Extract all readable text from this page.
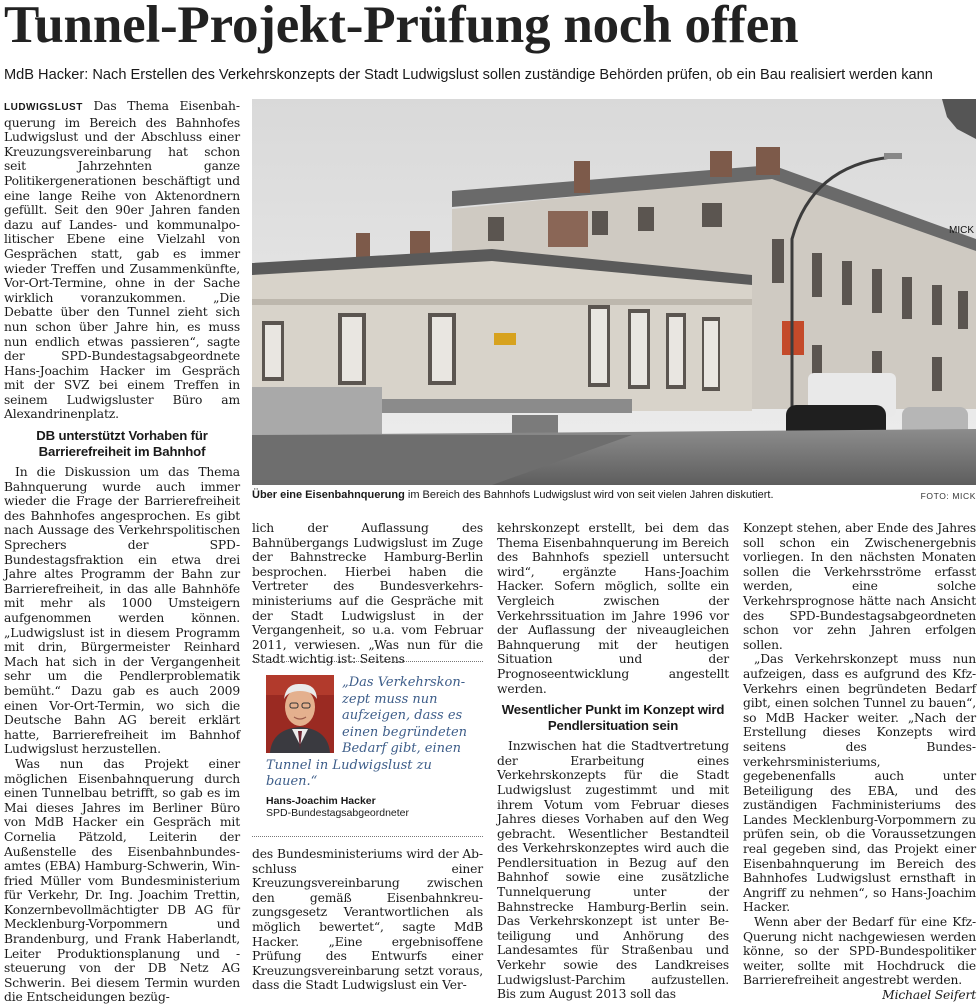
Tunnel-Projekt-Prüfung noch offen
MdB Hacker: Nach Erstellen des Verkehrskonzepts der Stadt Ludwigslust sollen zuständige Behörden prüfen, ob ein Bau realisiert werden kann

LUDWIGSLUST Das Thema Eisenbahquerung im Bereich des Bahnhofes Ludwigslust und der Abschluss einer Kreuzungsvereinbarung hat schon seit Jahrzehnten ganze Politikergenerationen beschäftigt und eine lange Reihe von Aktenordnern gefüllt. Seit den 90er Jahren fanden dazu auf Landes- und kommunalpolitischer Ebene eine Vielzahl von Gesprächen statt, gab es immer wieder Treffen und Zusammenkünfte, Vor-Ort-Termine, ohne in der Sache wirklich voranzukommen. „Die Debatte über den Tunnel zieht sich nun schon über Jahre hin, es muss nun endlich etwas passieren“, sagte der SPD-Bundestagsabgeordnete Hans-Joachim Hacker im Gespräch mit der SVZ bei einem Treffen in seinem Ludwigsluster Büro am Alexandrinenplatz.

DB unterstützt Vorhaben für Barrierefreiheit im Bahnhof

In die Diskussion um das Thema Bahnquerung wurde auch immer wieder die Frage der Barrierefreiheit des Bahnhofes angesprochen. Es gibt nach Aussage des Verkehrspolitischen Sprechers der SPD-Bundestagsfraktion ein etwa drei Jahre altes Programm der Bahn zur Barrierefreiheit, in das alle Bahnhöfe mit mehr als 1000 Umsteigern aufgenommen werden können. „Ludwigslust ist in diesem Programm mit drin, Bürgermeister Reinhard Mach hat sich in der Vergangenheit sehr um die Pendlerproblematik bemüht.“ Dazu gab es auch 2009 einen Vor-Ort-Termin, wo sich die Deutsche Bahn AG bereit erklärt hatte, Barrierefreiheit im Bahnhof Ludwigslust herzustellen.

Was nun das Projekt einer möglichen Eisenbahnquerung durch einen Tunnelbau betrifft, so gab es im Mai dieses Jahres im Berliner Büro von MdB Hacker ein Gespräch mit Cornelia Pätzold, Leiterin der Außenstelle des Eisenbahnbundesamtes (EBA) Hamburg-Schwerin, Winfried Müller vom Bundesministerium für Verkehr, Dr. Ing. Joachim Trettin, Konzernbevollmächtigter DB AG für Mecklenburg-Vorpommern und Brandenburg, und Frank Haberlandt, Leiter Produktionsplanung und -steuerung von der DB Netz AG Schwerin. Bei diesem Termin wurden die Entscheidungen bezüg-

MICK
Über eine Eisenbahnquerung im Bereich des Bahnhofs Ludwigslust wird von seit vielen Jahren diskutiert.	FOTO: MICK
lich der Auflassung des Bahnübergangs Ludwigslust im Zuge der Bahnstrecke Hamburg-Berlin besprochen. Hierbei haben die Vertreter des Bundesverkehrsministeriums auf die Gespräche mit der Stadt Ludwigslust in der Vergangenheit, so u.a. vom Februar 2011, verwiesen. „Was nun für die Stadt wichtig ist: Seitens
des Bundesministeriums wird der Abschluss einer Kreuzungsvereinbarung zwischen den gemäß Eisenbahnkreuzungsgesetz Verantwortlichen als möglich bewertet“, sagte MdB Hacker. „Eine ergebnisoffene Prüfung des Entwurfs einer Kreuzungsvereinbarung setzt voraus, dass die Stadt Ludwigslust ein Ver-
„Das Verkehrskonzept muss nun aufzeigen, dass es einen begründeten Bedarf gibt, einen Tunnel in Ludwigslust zu bauen.“
Hans-Joachim Hacker
SPD-Bundestagsabgeordneter

kehrskonzept erstellt, bei dem das Thema Eisenbahnquerung im Bereich des Bahnhofs speziell untersucht wird“, ergänzte Hans-Joachim Hacker. Sofern möglich, sollte ein Vergleich zwischen der Verkehrssituation im Jahre 1996 vor der Auflassung der niveaugleichen Bahnquerung mit der heutigen Situation und der Prognoseentwicklung angestellt werden.

Wesentlicher Punkt im Konzept wird Pendlersituation sein

Inzwischen hat die Stadtvertretung der Erarbeitung eines Verkehrskonzepts für die Stadt Ludwigslust zugestimmt und mit ihrem Votum vom Februar dieses Jahres dieses Vorhaben auf den Weg gebracht. Wesentlicher Bestandteil des Verkehrskonzeptes wird auch die Pendlersituation in Bezug auf den Bahnhof sowie eine zusätzliche Tunnelquerung unter der Bahnstrecke Hamburg-Berlin sein. Das Verkehrskonzept ist unter Beteiligung und Anhörung des Landesamtes für Straßenbau und Verkehr sowie des Landkreises Ludwigslust-Parchim aufzustellen. Bis zum August 2013 soll das

Konzept stehen, aber Ende des Jahres soll schon ein Zwischenergebnis vorliegen. In den nächsten Monaten sollen die Verkehrsströme erfasst werden, eine solche Verkehrsprognose hätte nach Ansicht des SPD-Bundestagsabgeordneten schon vor zehn Jahren erfolgen sollen.

„Das Verkehrskonzept muss nun aufzeigen, dass es aufgrund des Kfz-Verkehrs einen begründeten Bedarf gibt, einen solchen Tunnel zu bauen“, so MdB Hacker weiter. „Nach der Erstellung dieses Konzepts wird seitens des Bundesverkehrsministeriums, gegebenenfalls auch unter Beteiligung des EBA, und des zuständigen Fachministeriums des Landes Mecklenburg-Vorpommern zu prüfen sein, ob die Voraussetzungen real gegeben sind, das Projekt einer Eisenbahnquerung im Bereich des Bahnhofes Ludwigslust ernsthaft in Angriff zu nehmen“, so Hans-Joachim Hacker.

Wenn aber der Bedarf für eine Kfz-Querung nicht nachgewiesen werden könne, so der SPD-Bundespolitiker weiter, sollte mit Hochdruck die Barrierefreiheit angestrebt werden.

Michael Seifert
